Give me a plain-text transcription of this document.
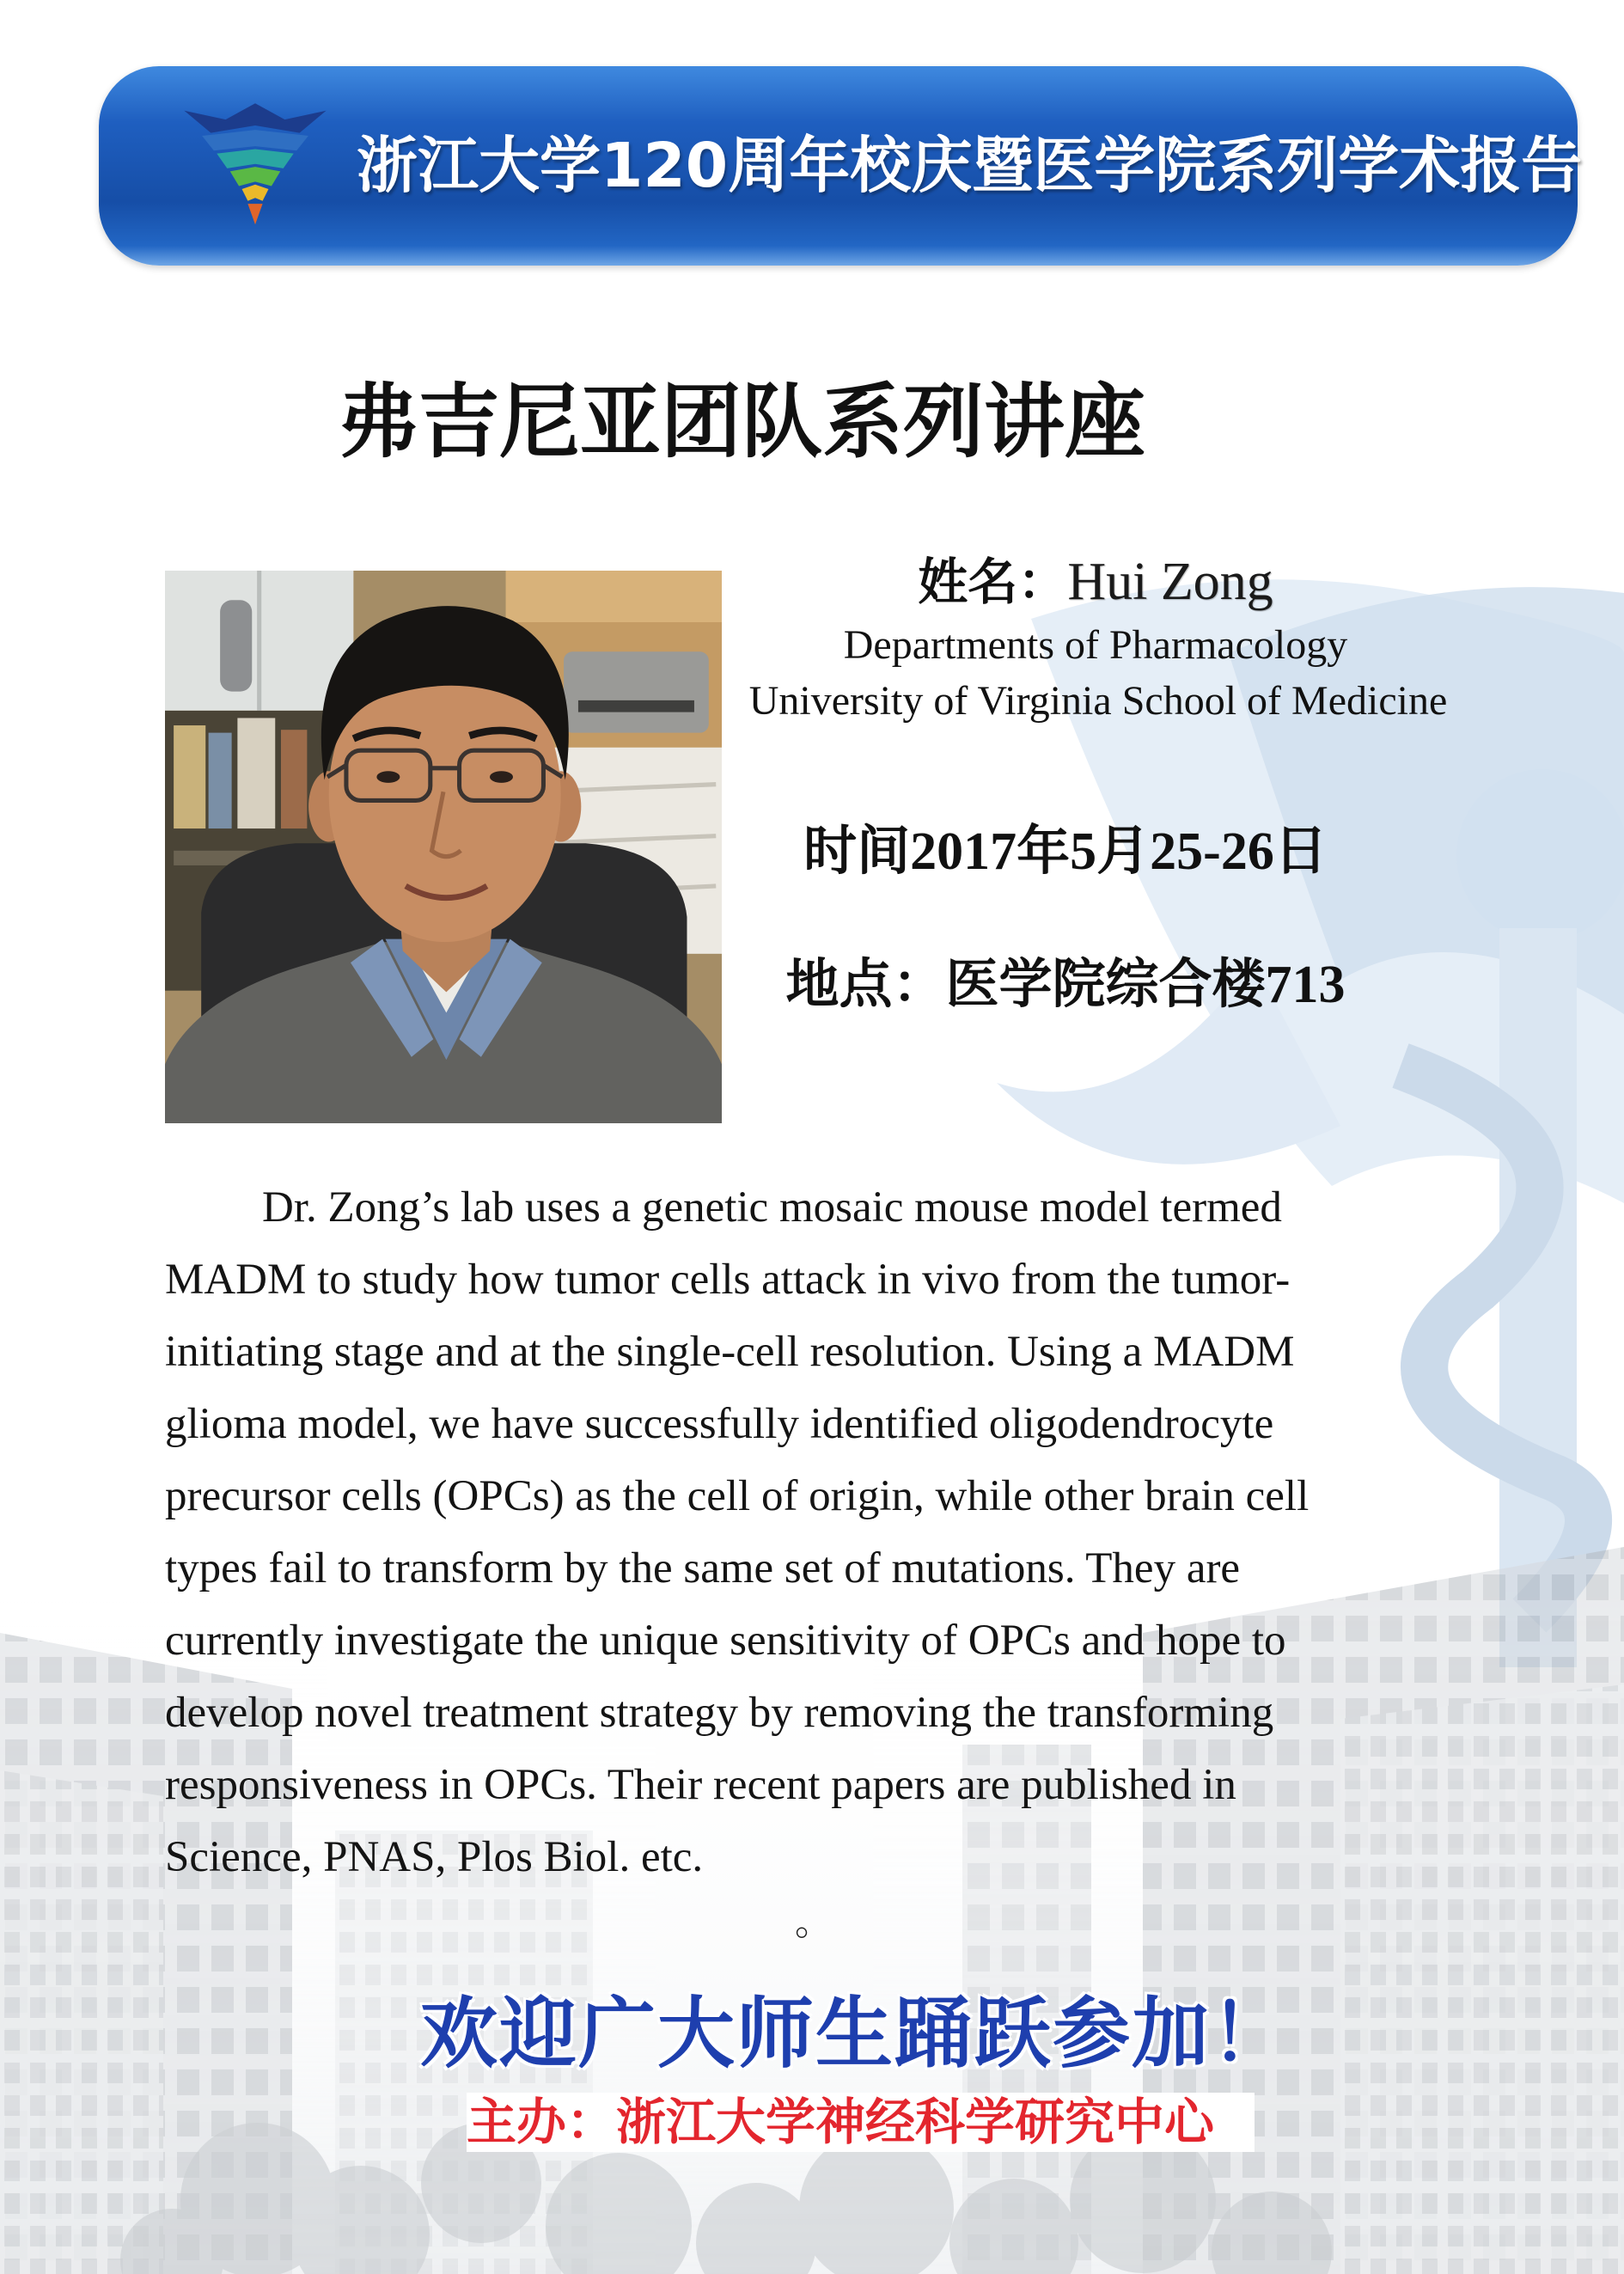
浙江大学120周年校庆暨医学院系列学术报告
弗吉尼亚团队系列讲座
姓名：Hui Zong
Departments of Pharmacology
University of Virginia School of Medicine
时间2017年5月25-26日
地点：医学院综合楼713
Dr. Zong’s lab uses a genetic mosaic mouse model termed
MADM to study how tumor cells attack in vivo from the tumor-
initiating stage and at the single-cell resolution. Using a MADM
glioma model, we have successfully identified oligodendrocyte
precursor cells (OPCs) as the cell of origin, while other brain cell
types fail to transform by the same set of mutations. They are
currently investigate the unique sensitivity of OPCs and hope to
develop novel treatment strategy by removing the transforming
responsiveness in OPCs. Their recent papers are published in
Science, PNAS, Plos Biol. etc.
。
欢迎广大师生踊跃参加！
主办：浙江大学神经科学研究中心
